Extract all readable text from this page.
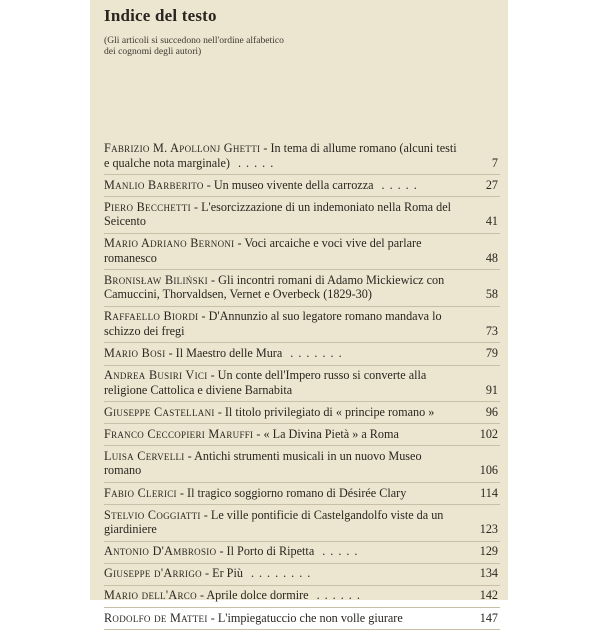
Indice del testo
(Gli articoli si succedono nell'ordine alfabetico
dei cognomi degli autori)
Fabrizio M. Apollonj Ghetti - In tema di allume romano (alcuni testi e qualche nota marginale) .....	7
Manlio Barberito - Un museo vivente della carrozza .....	27
Piero Becchetti - L'esorcizzazione di un indemoniato nella Roma del Seicento	41
Mario Adriano Bernoni - Voci arcaiche e voci vive del parlare romanesco	48
Bronisław Biliński - Gli incontri romani di Adamo Mickiewicz con Camuccini, Thorvaldsen, Vernet e Overbeck (1829-30)	58
Raffaello Biordi - D'Annunzio al suo legatore romano mandava lo schizzo dei fregi	73
Mario Bosi - Il Maestro delle Mura .......	79
Andrea Busiri Vici - Un conte dell'Impero russo si converte alla religione Cattolica e diviene Barnabita	91
Giuseppe Castellani - Il titolo privilegiato di « principe romano »	96
Franco Ceccopieri Maruffi - « La Divina Pietà » a Roma	102
Luisa Cervelli - Antichi strumenti musicali in un nuovo Museo romano	106
Fabio Clerici - Il tragico soggiorno romano di Désirée Clary	114
Stelvio Coggiatti - Le ville pontificie di Castelgandolfo viste da un giardiniere	123
Antonio D'Ambrosio - Il Porto di Ripetta .....	129
Giuseppe d'Arrigo - Er Più ........	134
Mario dell'Arco - Aprile dolce dormire ......	142
Rodolfo de Mattei - L'impiegatuccio che non volle giurare	147
